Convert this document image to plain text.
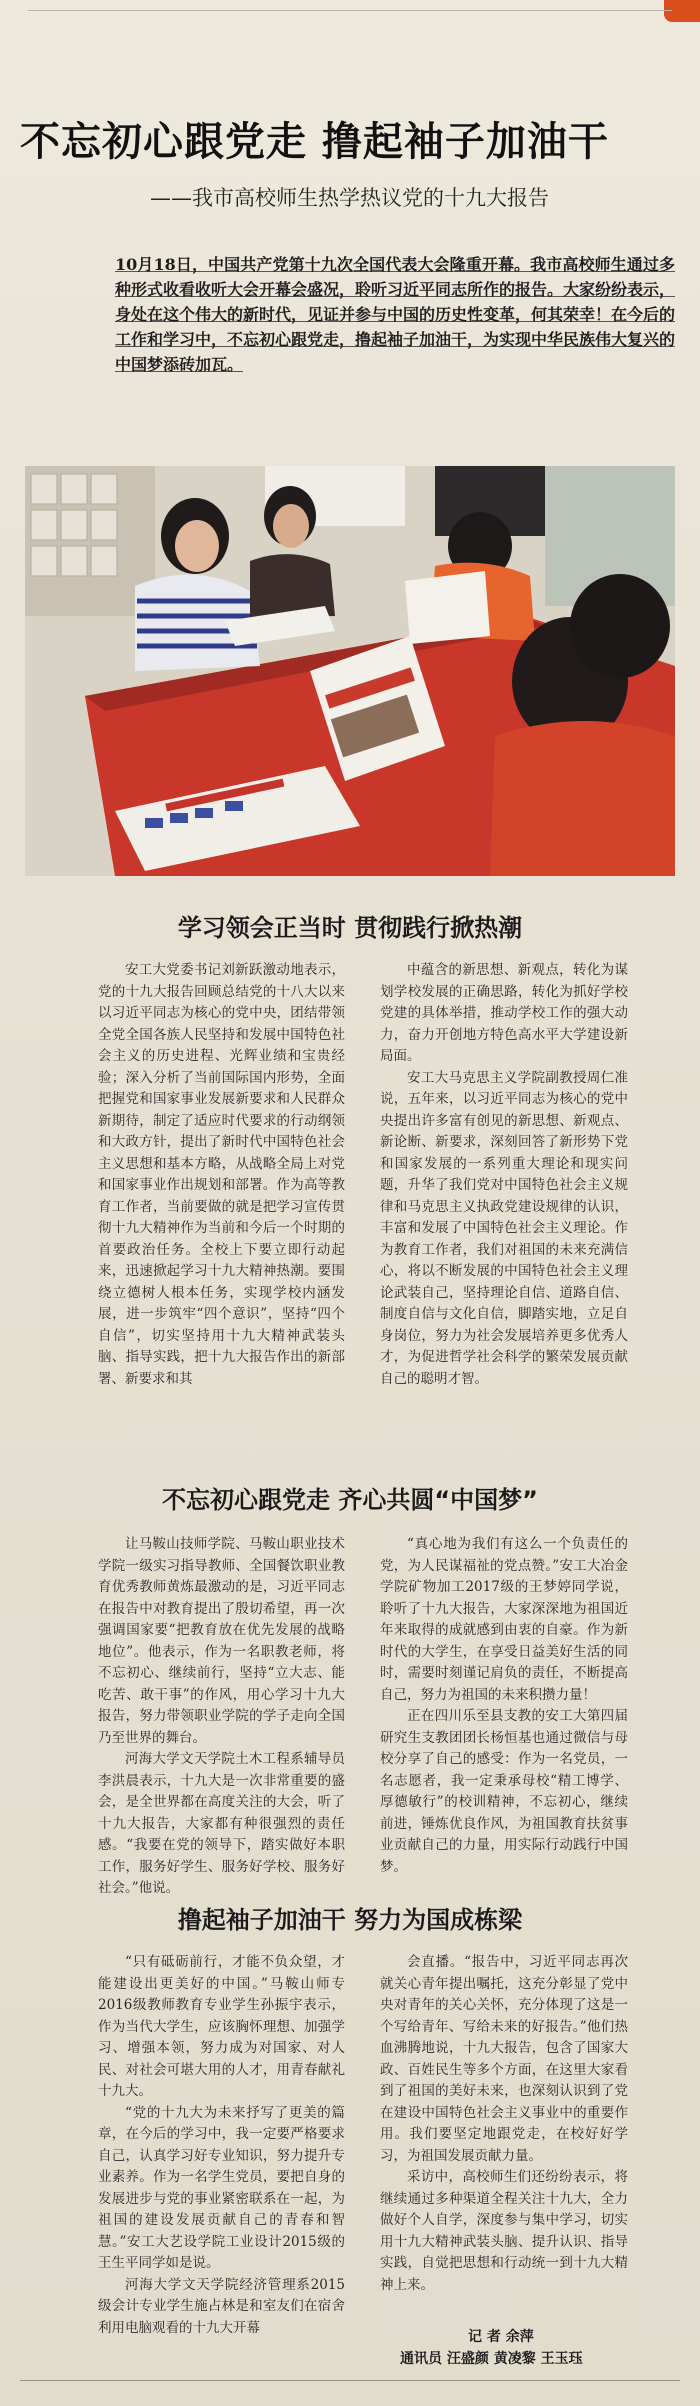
不忘初心跟党走 撸起袖子加油干
——我市高校师生热学热议党的十九大报告
10月18日，中国共产党第十九次全国代表大会隆重开幕。我市高校师生通过多种形式收看收听大会开幕会盛况，聆听习近平同志所作的报告。大家纷纷表示，身处在这个伟大的新时代，见证并参与中国的历史性变革，何其荣幸！在今后的工作和学习中，不忘初心跟党走，撸起袖子加油干，为实现中华民族伟大复兴的中国梦添砖加瓦。
学习领会正当时 贯彻践行掀热潮

安工大党委书记刘新跃激动地表示，党的十九大报告回顾总结党的十八大以来以习近平同志为核心的党中央，团结带领全党全国各族人民坚持和发展中国特色社会主义的历史进程、光辉业绩和宝贵经验；深入分析了当前国际国内形势，全面把握党和国家事业发展新要求和人民群众新期待，制定了适应时代要求的行动纲领和大政方针，提出了新时代中国特色社会主义思想和基本方略，从战略全局上对党和国家事业作出规划和部署。作为高等教育工作者，当前要做的就是把学习宣传贯彻十九大精神作为当前和今后一个时期的首要政治任务。全校上下要立即行动起来，迅速掀起学习十九大精神热潮。要围绕立德树人根本任务，实现学校内涵发展，进一步筑牢“四个意识”，坚持“四个自信”，切实坚持用十九大精神武装头脑、指导实践，把十九大报告作出的新部署、新要求和其

中蕴含的新思想、新观点，转化为谋划学校发展的正确思路，转化为抓好学校党建的具体举措，推动学校工作的强大动力，奋力开创地方特色高水平大学建设新局面。

安工大马克思主义学院副教授周仁准说，五年来，以习近平同志为核心的党中央提出许多富有创见的新思想、新观点、新论断、新要求，深刻回答了新形势下党和国家发展的一系列重大理论和现实问题，升华了我们党对中国特色社会主义规律和马克思主义执政党建设规律的认识，丰富和发展了中国特色社会主义理论。作为教育工作者，我们对祖国的未来充满信心，将以不断发展的中国特色社会主义理论武装自己，坚持理论自信、道路自信、制度自信与文化自信，脚踏实地，立足自身岗位，努力为社会发展培养更多优秀人才，为促进哲学社会科学的繁荣发展贡献自己的聪明才智。

不忘初心跟党走 齐心共圆“中国梦”

让马鞍山技师学院、马鞍山职业技术学院一级实习指导教师、全国餐饮职业教育优秀教师黄炼最激动的是，习近平同志在报告中对教育提出了殷切希望，再一次强调国家要“把教育放在优先发展的战略地位”。他表示，作为一名职教老师，将不忘初心、继续前行，坚持“立大志、能吃苦、敢干事”的作风，用心学习十九大报告，努力带领职业学院的学子走向全国乃至世界的舞台。

河海大学文天学院土木工程系辅导员李洪晨表示，十九大是一次非常重要的盛会，是全世界都在高度关注的大会，听了十九大报告，大家都有种很强烈的责任感。“我要在党的领导下，踏实做好本职工作，服务好学生、服务好学校、服务好社会。”他说。

“真心地为我们有这么一个负责任的党，为人民谋福祉的党点赞。”安工大冶金学院矿物加工2017级的王梦婷同学说，聆听了十九大报告，大家深深地为祖国近年来取得的成就感到由衷的自豪。作为新时代的大学生，在享受日益美好生活的同时，需要时刻谨记肩负的责任，不断提高自己，努力为祖国的未来积攒力量！

正在四川乐至县支教的安工大第四届研究生支教团团长杨恒基也通过微信与母校分享了自己的感受：作为一名党员，一名志愿者，我一定秉承母校“精工博学、厚德敏行”的校训精神，不忘初心，继续前进，锤炼优良作风，为祖国教育扶贫事业贡献自己的力量，用实际行动践行中国梦。

撸起袖子加油干 努力为国成栋梁

“只有砥砺前行，才能不负众望，才能建设出更美好的中国。”马鞍山师专2016级教师教育专业学生孙振宇表示，作为当代大学生，应该胸怀理想、加强学习、增强本领，努力成为对国家、对人民、对社会可堪大用的人才，用青春献礼十九大。

“党的十九大为未来抒写了更美的篇章，在今后的学习中，我一定要严格要求自己，认真学习好专业知识，努力提升专业素养。作为一名学生党员，要把自身的发展进步与党的事业紧密联系在一起，为祖国的建设发展贡献自己的青春和智慧。”安工大艺设学院工业设计2015级的王生平同学如是说。

河海大学文天学院经济管理系2015级会计专业学生施占林是和室友们在宿舍利用电脑观看的十九大开幕

会直播。“报告中，习近平同志再次就关心青年提出嘱托，这充分彰显了党中央对青年的关心关怀，充分体现了这是一个写给青年、写给未来的好报告。”他们热血沸腾地说，十九大报告，包含了国家大政、百姓民生等多个方面，在这里大家看到了祖国的美好未来，也深刻认识到了党在建设中国特色社会主义事业中的重要作用。我们要坚定地跟党走，在校好好学习，为祖国发展贡献力量。

采访中，高校师生们还纷纷表示，将继续通过多种渠道全程关注十九大，全力做好个人自学，深度参与集中学习，切实用十九大精神武装头脑、提升认识、指导实践，自觉把思想和行动统一到十九大精神上来。

记 者 余萍
通讯员 汪盛颜 黄凌黎 王玉珏
